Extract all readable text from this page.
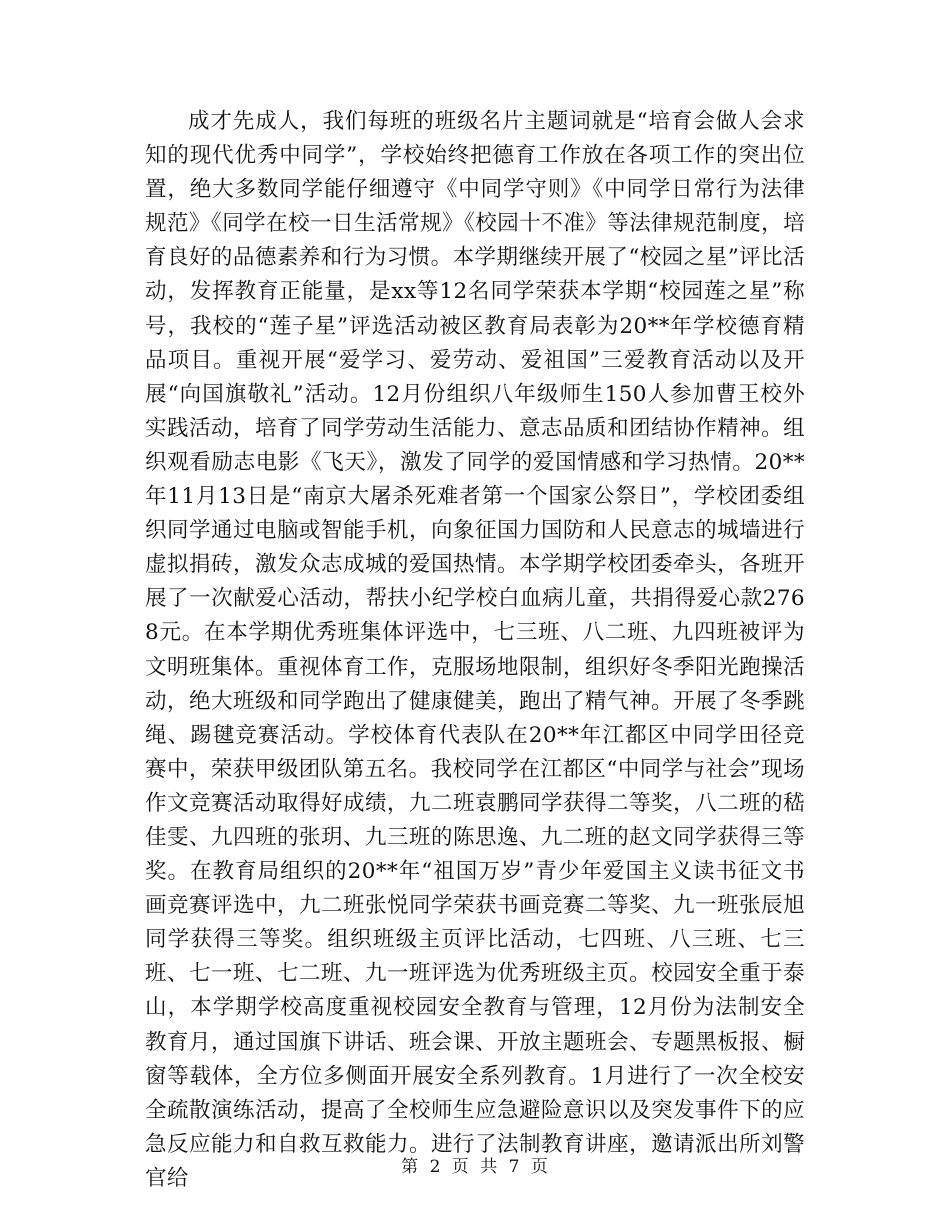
成才先成人，我们每班的班级名片主题词就是“培育会做人会求知的现代优秀中同学”，学校始终把德育工作放在各项工作的突出位置，绝大多数同学能仔细遵守《中同学守则》《中同学日常行为法律规范》《同学在校一日生活常规》《校园十不准》等法律规范制度，培育良好的品德素养和行为习惯。本学期继续开展了“校园之星”评比活动，发挥教育正能量，是xx等12名同学荣获本学期“校园莲之星”称号，我校的“莲子星”评选活动被区教育局表彰为20**年学校德育精品项目。重视开展“爱学习、爱劳动、爱祖国”三爱教育活动以及开展“向国旗敬礼”活动。12月份组织八年级师生150人参加曹王校外实践活动，培育了同学劳动生活能力、意志品质和团结协作精神。组织观看励志电影《飞天》，激发了同学的爱国情感和学习热情。20**年11月13日是“南京大屠杀死难者第一个国家公祭日”，学校团委组织同学通过电脑或智能手机，向象征国力国防和人民意志的城墙进行虚拟捐砖，激发众志成城的爱国热情。本学期学校团委牵头，各班开展了一次献爱心活动，帮扶小纪学校白血病儿童，共捐得爱心款2768元。在本学期优秀班集体评选中，七三班、八二班、九四班被评为文明班集体。重视体育工作，克服场地限制，组织好冬季阳光跑操活动，绝大班级和同学跑出了健康健美，跑出了精气神。开展了冬季跳绳、踢毽竞赛活动。学校体育代表队在20**年江都区中同学田径竞赛中，荣获甲级团队第五名。我校同学在江都区“中同学与社会”现场作文竞赛活动取得好成绩，九二班袁鹏同学获得二等奖，八二班的嵇佳雯、九四班的张玥、九三班的陈思逸、九二班的赵文同学获得三等奖。在教育局组织的20**年“祖国万岁”青少年爱国主义读书征文书画竞赛评选中，九二班张悦同学荣获书画竞赛二等奖、九一班张辰旭同学获得三等奖。组织班级主页评比活动，七四班、八三班、七三班、七一班、七二班、九一班评选为优秀班级主页。校园安全重于泰山，本学期学校高度重视校园安全教育与管理，12月份为法制安全教育月，通过国旗下讲话、班会课、开放主题班会、专题黑板报、橱窗等载体，全方位多侧面开展安全系列教育。1月进行了一次全校安全疏散演练活动，提高了全校师生应急避险意识以及突发事件下的应急反应能力和自救互救能力。进行了法制教育讲座，邀请派出所刘警官给	第 2 页 共 7 页
